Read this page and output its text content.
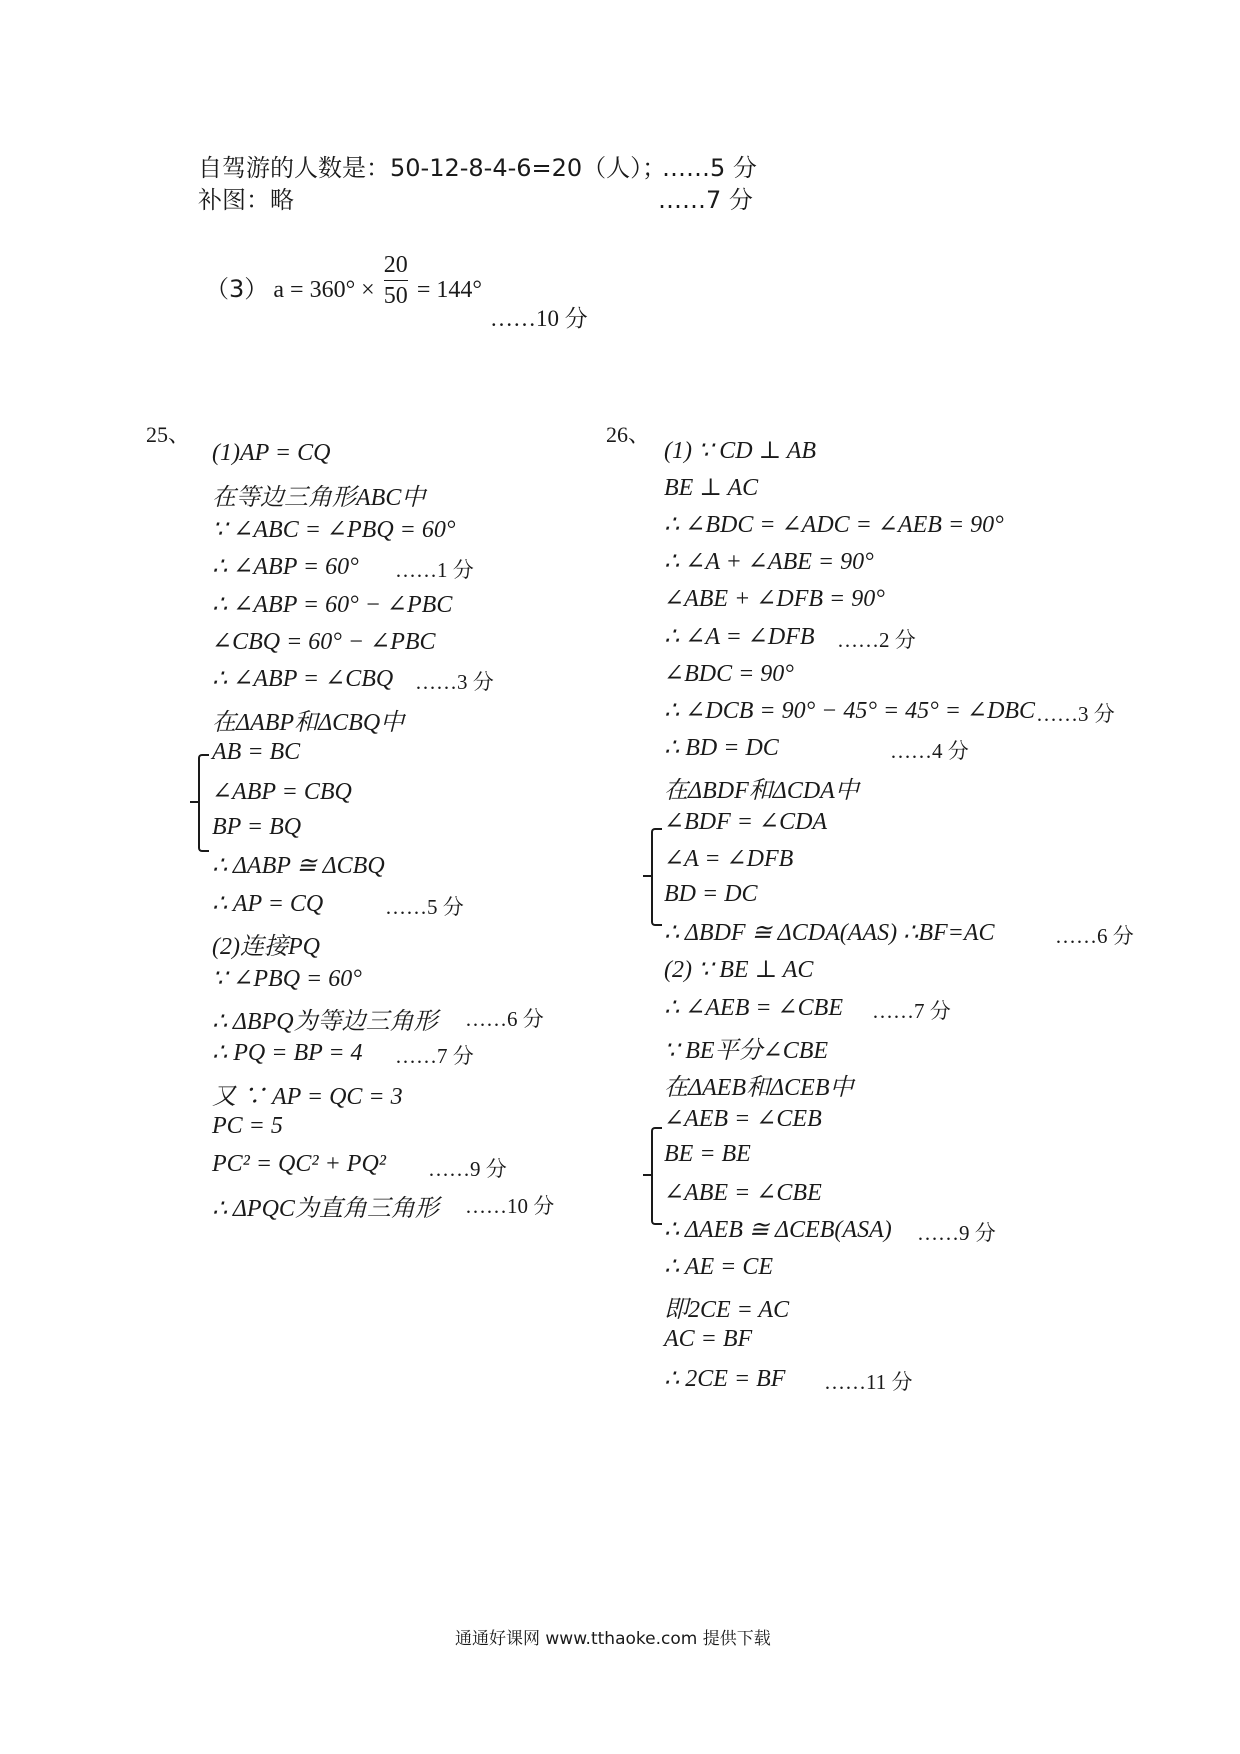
自驾游的人数是：50-12-8-4-6=20（人）；
……5 分
补图：略	……7 分
（3） $a = 360^\circ \times \frac{20}{50} = 144^\circ$
……10 分
25、
(1)AP = CQ
在等边三角形ABC中
∵ ∠ABC = ∠PBQ = 60°
∴ ∠ABP = 60° ……1 分
∴ ∠ABP = 60° − ∠PBC
∠CBQ = 60° − ∠PBC
∴ ∠ABP = ∠CBQ ……3 分
在ΔABP和ΔCBQ中
AB = BC
∠ABP = CBQ
BP = BQ
∴ ΔABP ≅ ΔCBQ
∴ AP = CQ	……5 分
(2)连接PQ
∵ ∠PBQ = 60°
∴ ΔBPQ为等边三角形 ……6 分
∴ PQ = BP = 4 ……7 分
又 ∵ AP = QC = 3
PC = 5
PC² = QC² + PQ² ……9 分
∴ ΔPQC为直角三角形 ……10 分
26、
(1) ∵ CD ⊥ AB
BE ⊥ AC
∴ ∠BDC = ∠ADC = ∠AEB = 90°
∴ ∠A + ∠ABE = 90°
∠ABE + ∠DFB = 90°
∴ ∠A = ∠DFB ……2 分
∠BDC = 90°
∴ ∠DCB = 90° − 45° = 45° = ∠DBC ……3 分
∴ BD = DC	……4 分
在ΔBDF和ΔCDA中
∠BDF = ∠CDA
∠A = ∠DFB
BD = DC
∴ ΔBDF ≅ ΔCDA(AAS) ∴BF=AC	……6 分
(2) ∵ BE ⊥ AC
∴ ∠AEB = ∠CBE ……7 分
∵ BE平分∠CBE
在ΔAEB和ΔCEB中
∠AEB = ∠CEB
BE = BE
∠ABE = ∠CBE
∴ ΔAEB ≅ ΔCEB(ASA) ……9 分
∴ AE = CE
即2CE = AC
AC = BF
∴ 2CE = BF ……11 分
通通好课网 www.tthaoke.com 提供下载
